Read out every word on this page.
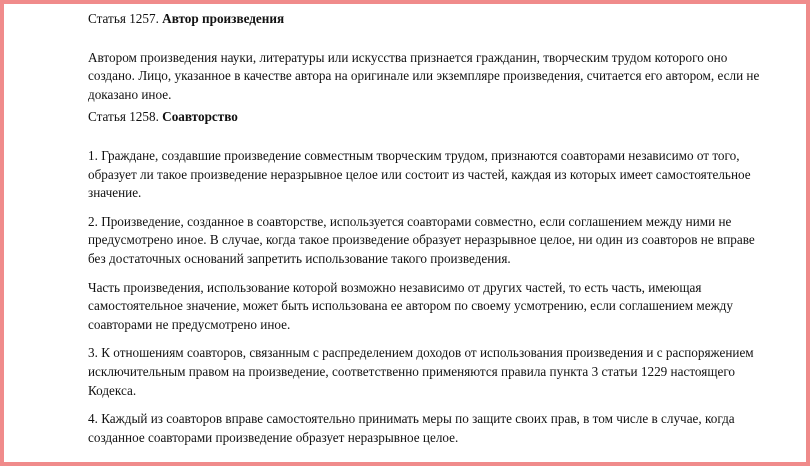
Статья 1257. Автор произведения

Автором произведения науки, литературы или искусства признается гражданин, творческим трудом которого оно создано. Лицо, указанное в качестве автора на оригинале или экземпляре произведения, считается его автором, если не доказано иное.

Статья 1258. Соавторство

1. Граждане, создавшие произведение совместным творческим трудом, признаются соавторами независимо от того, образует ли такое произведение неразрывное целое или состоит из частей, каждая из которых имеет самостоятельное значение.

2. Произведение, созданное в соавторстве, используется соавторами совместно, если соглашением между ними не предусмотрено иное. В случае, когда такое произведение образует неразрывное целое, ни один из соавторов не вправе без достаточных оснований запретить использование такого произведения.

Часть произведения, использование которой возможно независимо от других частей, то есть часть, имеющая самостоятельное значение, может быть использована ее автором по своему усмотрению, если соглашением между соавторами не предусмотрено иное.

3. К отношениям соавторов, связанным с распределением доходов от использования произведения и с распоряжением исключительным правом на произведение, соответственно применяются правила пункта 3 статьи 1229 настоящего Кодекса.

4. Каждый из соавторов вправе самостоятельно принимать меры по защите своих прав, в том числе в случае, когда созданное соавторами произведение образует неразрывное целое.
